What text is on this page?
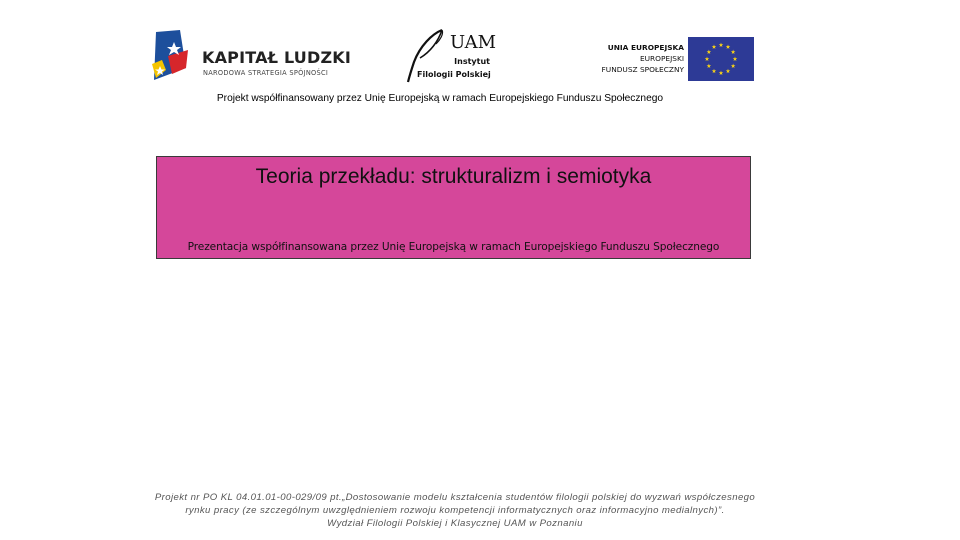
KAPITAŁ LUDZKI
NARODOWA STRATEGIA SPÓJNOŚCI
UAM
Instytut
Filologii Polskiej
UNIA EUROPEJSKA
EUROPEJSKI
FUNDUSZ SPOŁECZNY
Projekt współfinansowany przez Unię Europejską w ramach Europejskiego Funduszu Społecznego
Teoria przekładu: strukturalizm i semiotyka
Prezentacja współfinansowana przez Unię Europejską w ramach Europejskiego Funduszu Społecznego
Projekt nr PO KL 04.01.01-00-029/09 pt.„Dostosowanie modelu kształcenia studentów filologii polskiej do wyzwań współczesnego
rynku pracy (ze szczególnym uwzględnieniem rozwoju kompetencji informatycznych oraz informacyjno medialnych)”.
Wydział Filologii Polskiej i Klasycznej UAM w Poznaniu
